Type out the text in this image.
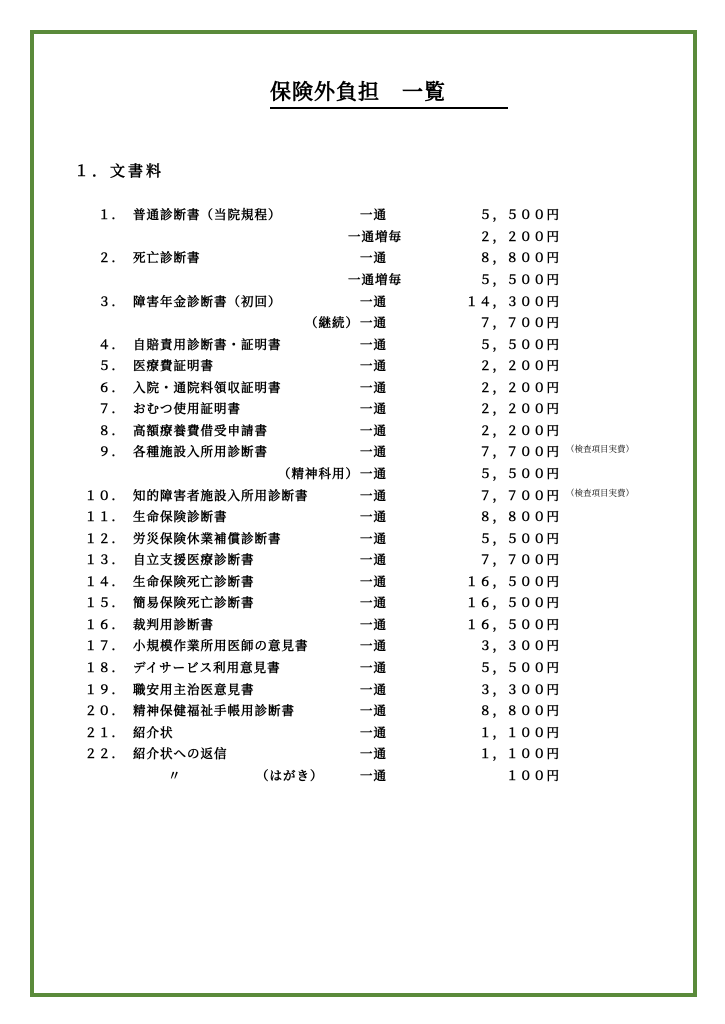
保険外負担　一覧
１．文書料
１． 普通診断書（当院規程）	一通	５，５００円
一通増毎	２，２００円
２． 死亡診断書	一通	８，８００円
一通増毎	５，５００円
３． 障害年金診断書（初回）	一通	１４，３００円
（継続） 一通	７，７００円
４． 自賠責用診断書・証明書	一通	５，５００円
５． 医療費証明書	一通	２，２００円
６． 入院・通院料領収証明書	一通	２，２００円
７． おむつ使用証明書	一通	２，２００円
８． 高額療養費借受申請書	一通	２，２００円
９． 各種施設入所用診断書	一通	７，７００円 （検査項目実費）
（精神科用） 一通	５，５００円
１０． 知的障害者施設入所用診断書	一通	７，７００円 （検査項目実費）
１１． 生命保険診断書	一通	８，８００円
１２． 労災保険休業補償診断書	一通	５，５００円
１３． 自立支援医療診断書	一通	７，７００円
１４． 生命保険死亡診断書	一通	１６，５００円
１５． 簡易保険死亡診断書	一通	１６，５００円
１６． 裁判用診断書	一通	１６，５００円
１７． 小規模作業所用医師の意見書	一通	３，３００円
１８． デイサービス利用意見書	一通	５，５００円
１９． 職安用主治医意見書	一通	３，３００円
２０． 精神保健福祉手帳用診断書	一通	８，８００円
２１． 紹介状	一通	１，１００円
２２． 紹介状への返信	一通	１，１００円
〃	（はがき）	一通	１００円
